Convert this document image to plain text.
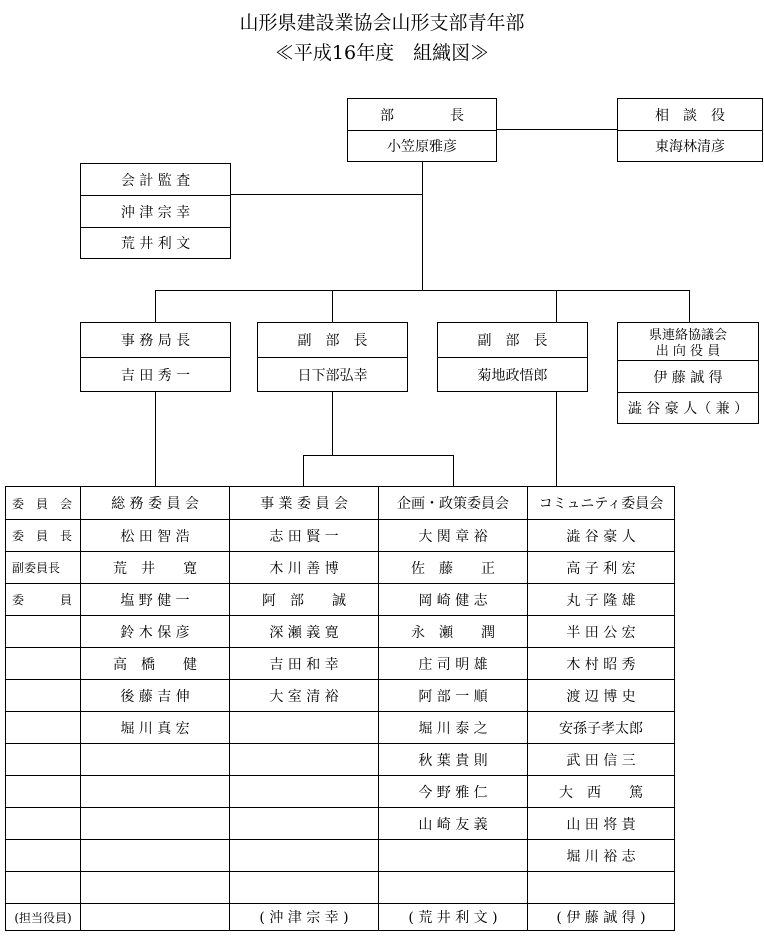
山形県建設業協会山形支部青年部
≪平成16年度　組織図≫
部　　　　長
小笠原雅彦
相　談　役
東海林清彦
会 計 監 査
沖 津 宗 幸
荒 井 利 文
事 務 局 長
吉 田 秀 一
副　部　長
日下部弘幸
副　部　長
菊地政悟郎
県連絡協議会
出 向 役 員
伊 藤 誠 得
澁 谷 豪 人（ 兼 ）
委　員　会
委　員　長
副委員長
委　　　員
(担当役員)
総 務 委 員 会
松 田 智 浩
荒　井　　寛
塩 野 健 一
鈴 木 保 彦
高　橋　　健
後 藤 吉 伸
堀 川 真 宏
事 業 委 員 会
志 田 賢 一
木 川 善 博
阿　部　　誠
深 瀬 義 寛
吉 田 和 幸
大 室 清 裕
( 沖 津 宗 幸 )
企画・政策委員会
大 関 章 裕
佐　藤　　正
岡 崎 健 志
永　瀬　　潤
庄 司 明 雄
阿 部 一 順
堀 川 泰 之
秋 葉 貴 則
今 野 雅 仁
山 崎 友 義
( 荒 井 利 文 )
コミュニティ委員会
澁 谷 豪 人
高 子 利 宏
丸 子 隆 雄
半 田 公 宏
木 村 昭 秀
渡 辺 博 史
安孫子孝太郎
武 田 信 三
大　西　　篤
山 田 将 貴
堀 川 裕 志
( 伊 藤 誠 得 )
